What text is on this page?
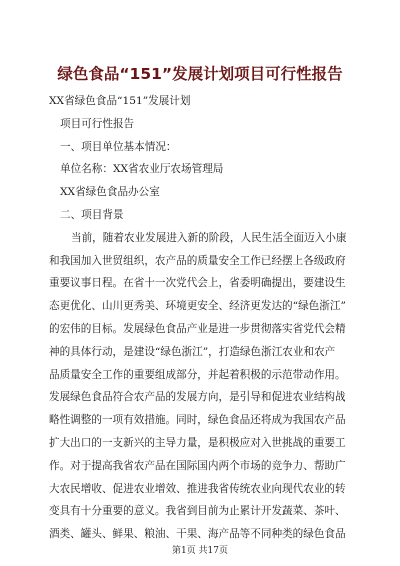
绿色食品“151”发展计划项目可行性报告

XX省绿色食品“151”发展计划

项目可行性报告

一、项目单位基本情况：

单位名称：XX省农业厅农场管理局

XX省绿色食品办公室

二、项目背景

当前，随着农业发展进入新的阶段，人民生活全面迈入小康
和我国加入世贸组织，农产品的质量安全工作已经摆上各级政府
重要议事日程。在省十一次党代会上，省委明确提出，要建设生
态更优化、山川更秀美、环境更安全、经济更发达的“绿色浙江”
的宏伟的目标。发展绿色食品产业是进一步贯彻落实省党代会精
神的具体行动，是建设“绿色浙江”，打造绿色浙江农业和农产
品质量安全工作的重要组成部分，并起着积极的示范带动作用。
发展绿色食品符合农产品的发展方向，是引导和促进农业结构战
略性调整的一项有效措施。同时，绿色食品还将成为我国农产品
扩大出口的一支新兴的主导力量，是积极应对入世挑战的重要工
作。对于提高我省农产品在国际国内两个市场的竞争力、帮助广
大农民增收、促进农业增效、推进我省传统农业向现代农业的转
变具有十分重要的意义。我省到目前为止累计开发蔬菜、茶叶、
酒类、罐头、鲜果、粮油、干果、海产品等不同种类的绿色食品
第1页 共17页
